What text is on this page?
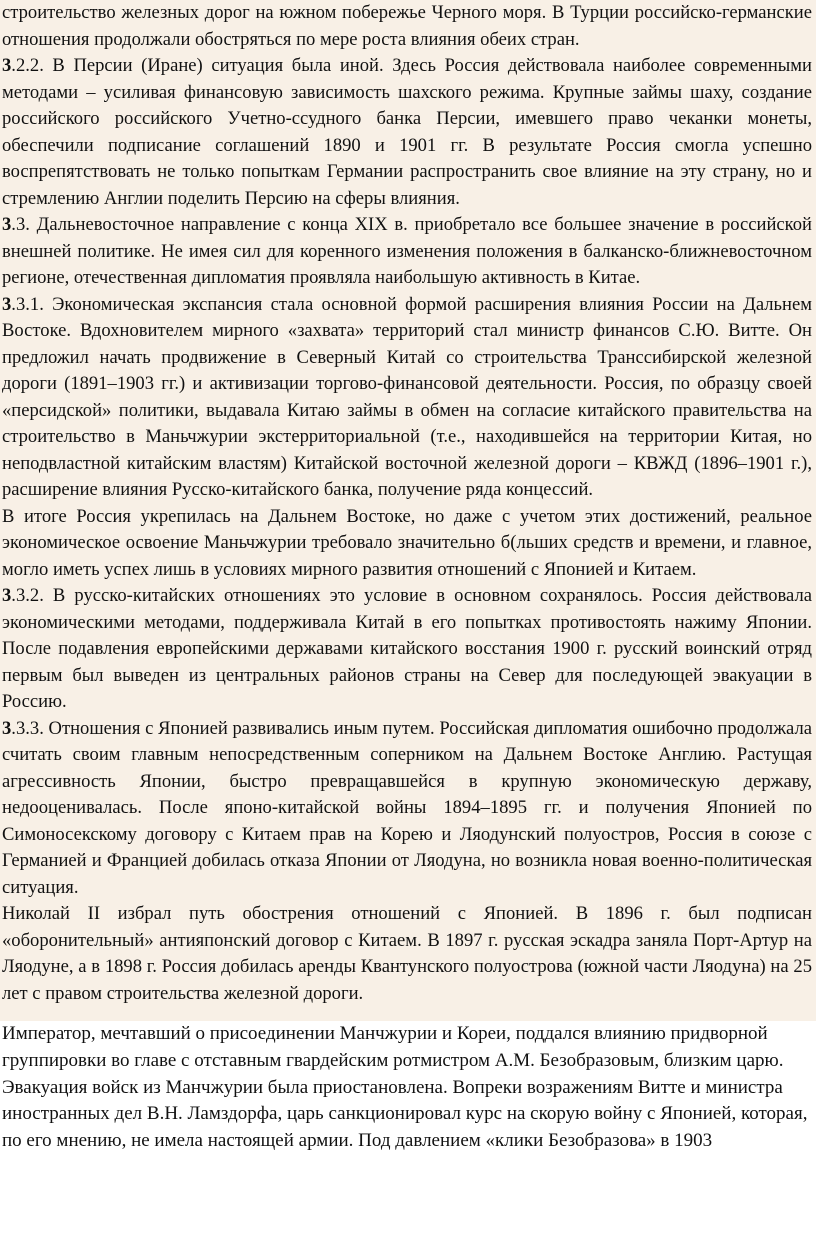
строительство железных дорог на южном побережье Черного моря. В Турции российско-германские отношения продолжали обостряться по мере роста влияния обеих стран.

3.2.2. В Персии (Иране) ситуация была иной. Здесь Россия действовала наиболее современными методами – усиливая финансовую зависимость шахского режима. Крупные займы шаху, создание российского российского Учетно-ссудного банка Персии, имевшего право чеканки монеты, обеспечили подписание соглашений 1890 и 1901 гг. В результате Россия смогла успешно воспрепятствовать не только попыткам Германии распространить свое влияние на эту страну, но и стремлению Англии поделить Персию на сферы влияния.

3.3. Дальневосточное направление с конца XIX в. приобретало все большее значение в российской внешней политике. Не имея сил для коренного изменения положения в балканско-ближневосточном регионе, отечественная дипломатия проявляла наибольшую активность в Китае.

3.3.1. Экономическая экспансия стала основной формой расширения влияния России на Дальнем Востоке. Вдохновителем мирного «захвата» территорий стал министр финансов С.Ю. Витте. Он предложил начать продвижение в Северный Китай со строительства Транссибирской железной дороги (1891–1903 гг.) и активизации торгово-финансовой деятельности. Россия, по образцу своей «персидской» политики, выдавала Китаю займы в обмен на согласие китайского правительства на строительство в Маньчжурии экстерриториальной (т.е., находившейся на территории Китая, но неподвластной китайским властям) Китайской восточной железной дороги – КВЖД (1896–1901 г.), расширение влияния Русско-китайского банка, получение ряда концессий.

В итоге Россия укрепилась на Дальнем Востоке, но даже с учетом этих достижений, реальное экономическое освоение Маньчжурии требовало значительно б(льших средств и времени, и главное, могло иметь успех лишь в условиях мирного развития отношений с Японией и Китаем.

3.3.2. В русско-китайских отношениях это условие в основном сохранялось. Россия действовала экономическими методами, поддерживала Китай в его попытках противостоять нажиму Японии. После подавления европейскими державами китайского восстания 1900 г. русский воинский отряд первым был выведен из центральных районов страны на Север для последующей эвакуации в Россию.

3.3.3. Отношения с Японией развивались иным путем. Российская дипломатия ошибочно продолжала считать своим главным непосредственным соперником на Дальнем Востоке Англию. Растущая агрессивность Японии, быстро превращавшейся в крупную экономическую державу, недооценивалась. После японо-китайской войны 1894–1895 гг. и получения Японией по Симоносекскому договору с Китаем прав на Корею и Ляодунский полуостров, Россия в союзе с Германией и Францией добилась отказа Японии от Ляодуна, но возникла новая военно-политическая ситуация.

Николай II избрал путь обострения отношений с Японией. В 1896 г. был подписан «оборонительный» антияпонский договор с Китаем. В 1897 г. русская эскадра заняла Порт-Артур на Ляодуне, а в 1898 г. Россия добилась аренды Квантунского полуострова (южной части Ляодуна) на 25 лет с правом строительства железной дороги.

Император, мечтавший о присоединении Манчжурии и Кореи, поддался влиянию придворной группировки во главе с отставным гвардейским ротмистром А.М. Безобразовым, близким царю. Эвакуация войск из Манчжурии была приостановлена. Вопреки возражениям Витте и министра иностранных дел В.Н. Ламздорфа, царь санкционировал курс на скорую войну с Японией, которая, по его мнению, не имела настоящей армии. Под давлением «клики Безобразова» в 1903
